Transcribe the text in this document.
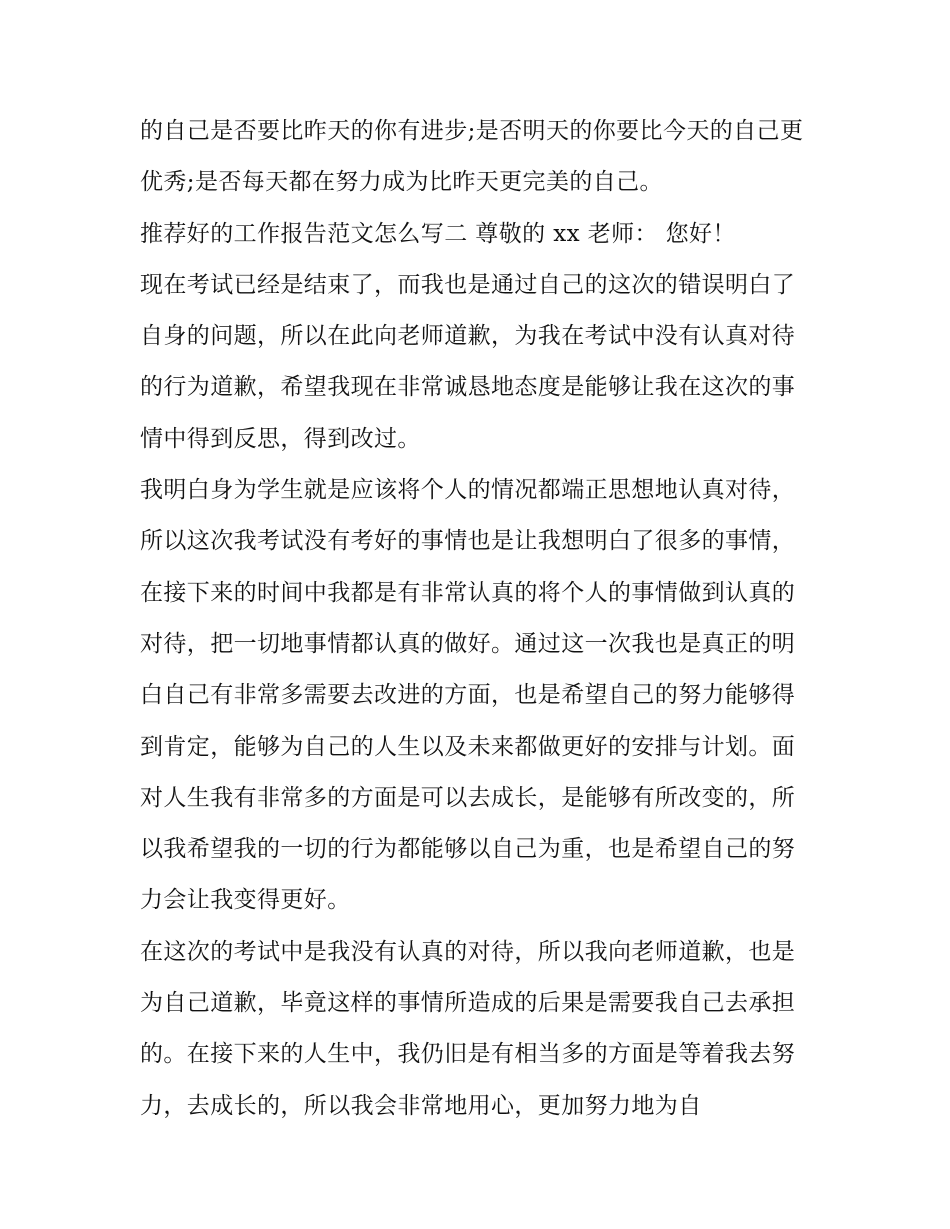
的自己是否要比昨天的你有进步;是否明天的你要比今天的自己更优秀;是否每天都在努力成为比昨天更完美的自己。

推荐好的工作报告范文怎么写二 尊敬的 xx 老师： 您好！

现在考试已经是结束了，而我也是通过自己的这次的错误明白了自身的问题，所以在此向老师道歉，为我在考试中没有认真对待的行为道歉，希望我现在非常诚恳地态度是能够让我在这次的事情中得到反思，得到改过。

我明白身为学生就是应该将个人的情况都端正思想地认真对待，所以这次我考试没有考好的事情也是让我想明白了很多的事情，在接下来的时间中我都是有非常认真的将个人的事情做到认真的对待，把一切地事情都认真的做好。通过这一次我也是真正的明白自己有非常多需要去改进的方面，也是希望自己的努力能够得到肯定，能够为自己的人生以及未来都做更好的安排与计划。面对人生我有非常多的方面是可以去成长，是能够有所改变的，所以我希望我的一切的行为都能够以自己为重，也是希望自己的努力会让我变得更好。

在这次的考试中是我没有认真的对待，所以我向老师道歉，也是为自己道歉，毕竟这样的事情所造成的后果是需要我自己去承担的。在接下来的人生中，我仍旧是有相当多的方面是等着我去努力，去成长的，所以我会非常地用心，更加努力地为自
